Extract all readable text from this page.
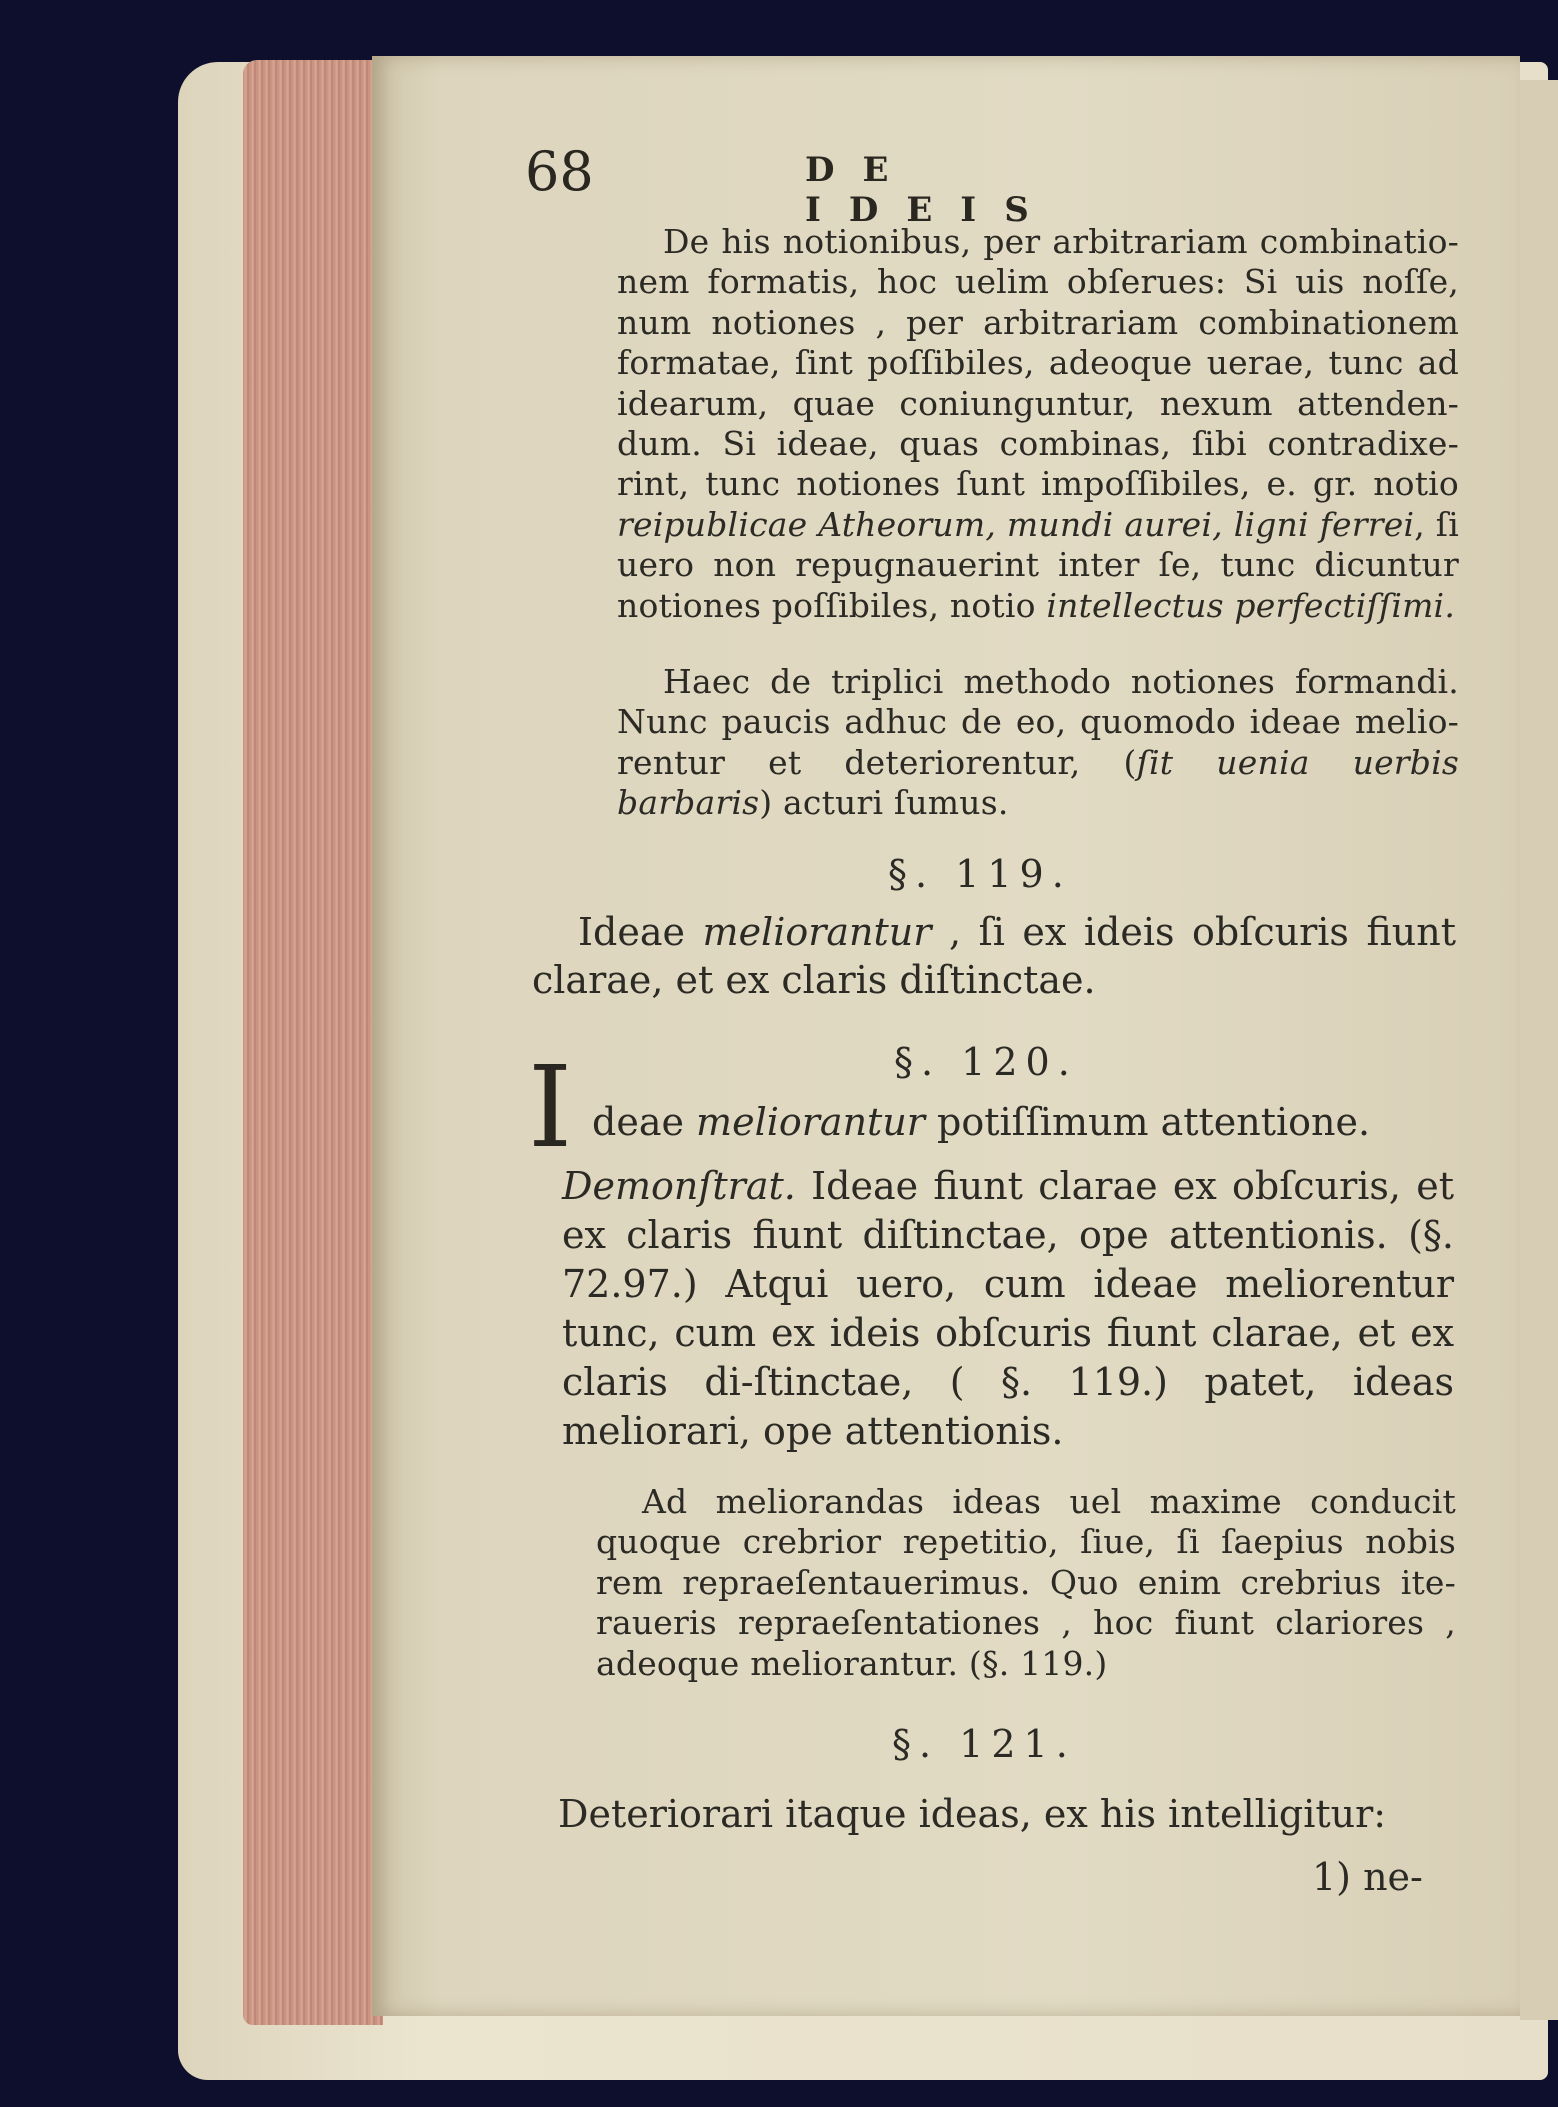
68	DE IDEIS
De his notionibus, per arbitrariam combinatio-nem formatis, hoc uelim obſerues: Si uis noſſe, num notiones , per arbitrariam combinationem formatae, ſint poſſibiles, adeoque uerae, tunc ad idearum, quae coniunguntur, nexum attenden-dum. Si ideae, quas combinas, ſibi contradixe-rint, tunc notiones ſunt impoſſibiles, e. gr. notio reipublicae Atheorum, mundi aurei, ligni ferrei, ſi uero non repugnauerint inter ſe, tunc dicuntur notiones poſſibiles, notio intellectus perfectiſſimi.
Haec de triplici methodo notiones formandi. Nunc paucis adhuc de eo, quomodo ideae melio-rentur et deteriorentur, (ſit uenia uerbis barbaris) acturi ſumus.
§. 119.
Ideae meliorantur , ſi ex ideis obſcuris fiunt clarae, et ex claris diſtinctae.
§. 120.
I deae meliorantur potiſſimum attentione.
Demonſtrat. Ideae fiunt clarae ex obſcuris, et ex claris fiunt diſtinctae, ope attentionis. (§. 72.97.) Atqui uero, cum ideae meliorentur tunc, cum ex ideis obſcuris fiunt clarae, et ex claris di-ſtinctae, ( §. 119.) patet, ideas meliorari, ope attentionis.
Ad meliorandas ideas uel maxime conducit quoque crebrior repetitio, ſiue, ſi ſaepius nobis rem repraeſentauerimus. Quo enim crebrius ite-raueris repraeſentationes , hoc fiunt clariores , adeoque meliorantur. (§. 119.)
§. 121.
Deteriorari itaque ideas, ex his intelligitur:
1) ne-
